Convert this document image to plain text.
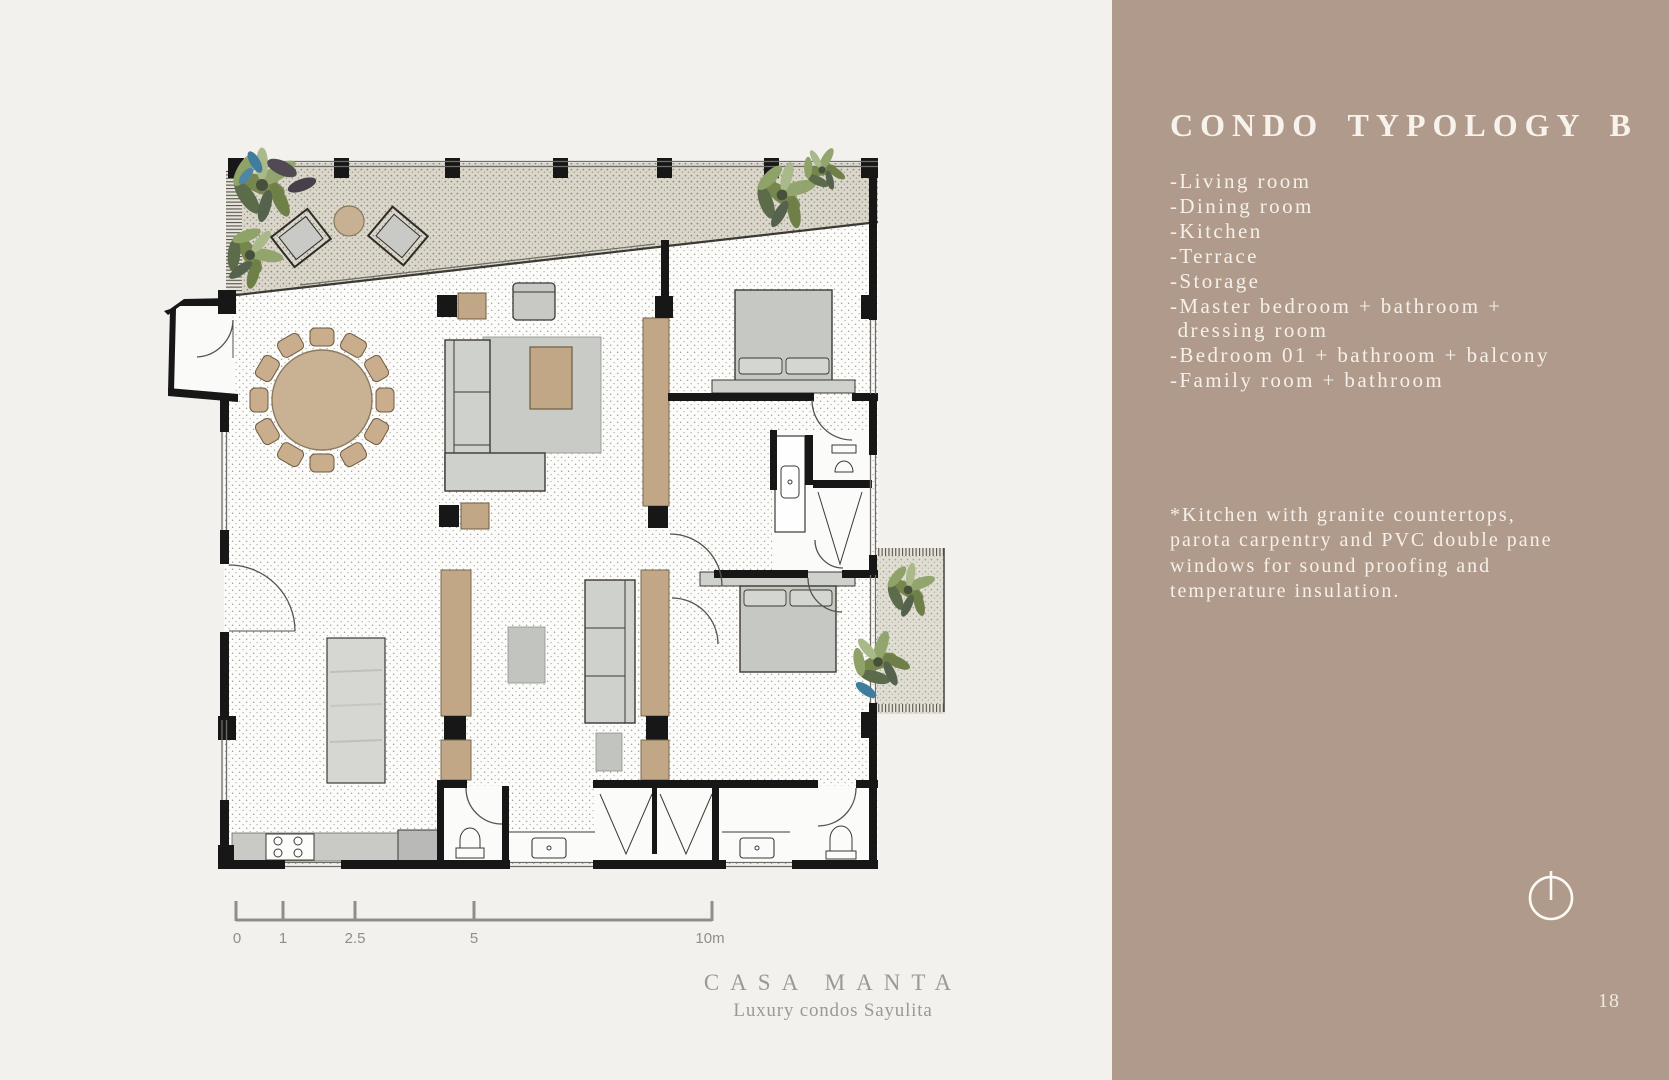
0	1	2.5	5	10m
CASA MANTA
Luxury condos Sayulita
CONDO TYPOLOGY B
-Living room
-Dining room
-Kitchen
-Terrace
-Storage
-Master bedroom + bathroom +
dressing room
-Bedroom 01 + bathroom + balcony
-Family room + bathroom
*Kitchen with granite countertops,
parota carpentry and PVC double pane
windows for sound proofing and
temperature insulation.
18
